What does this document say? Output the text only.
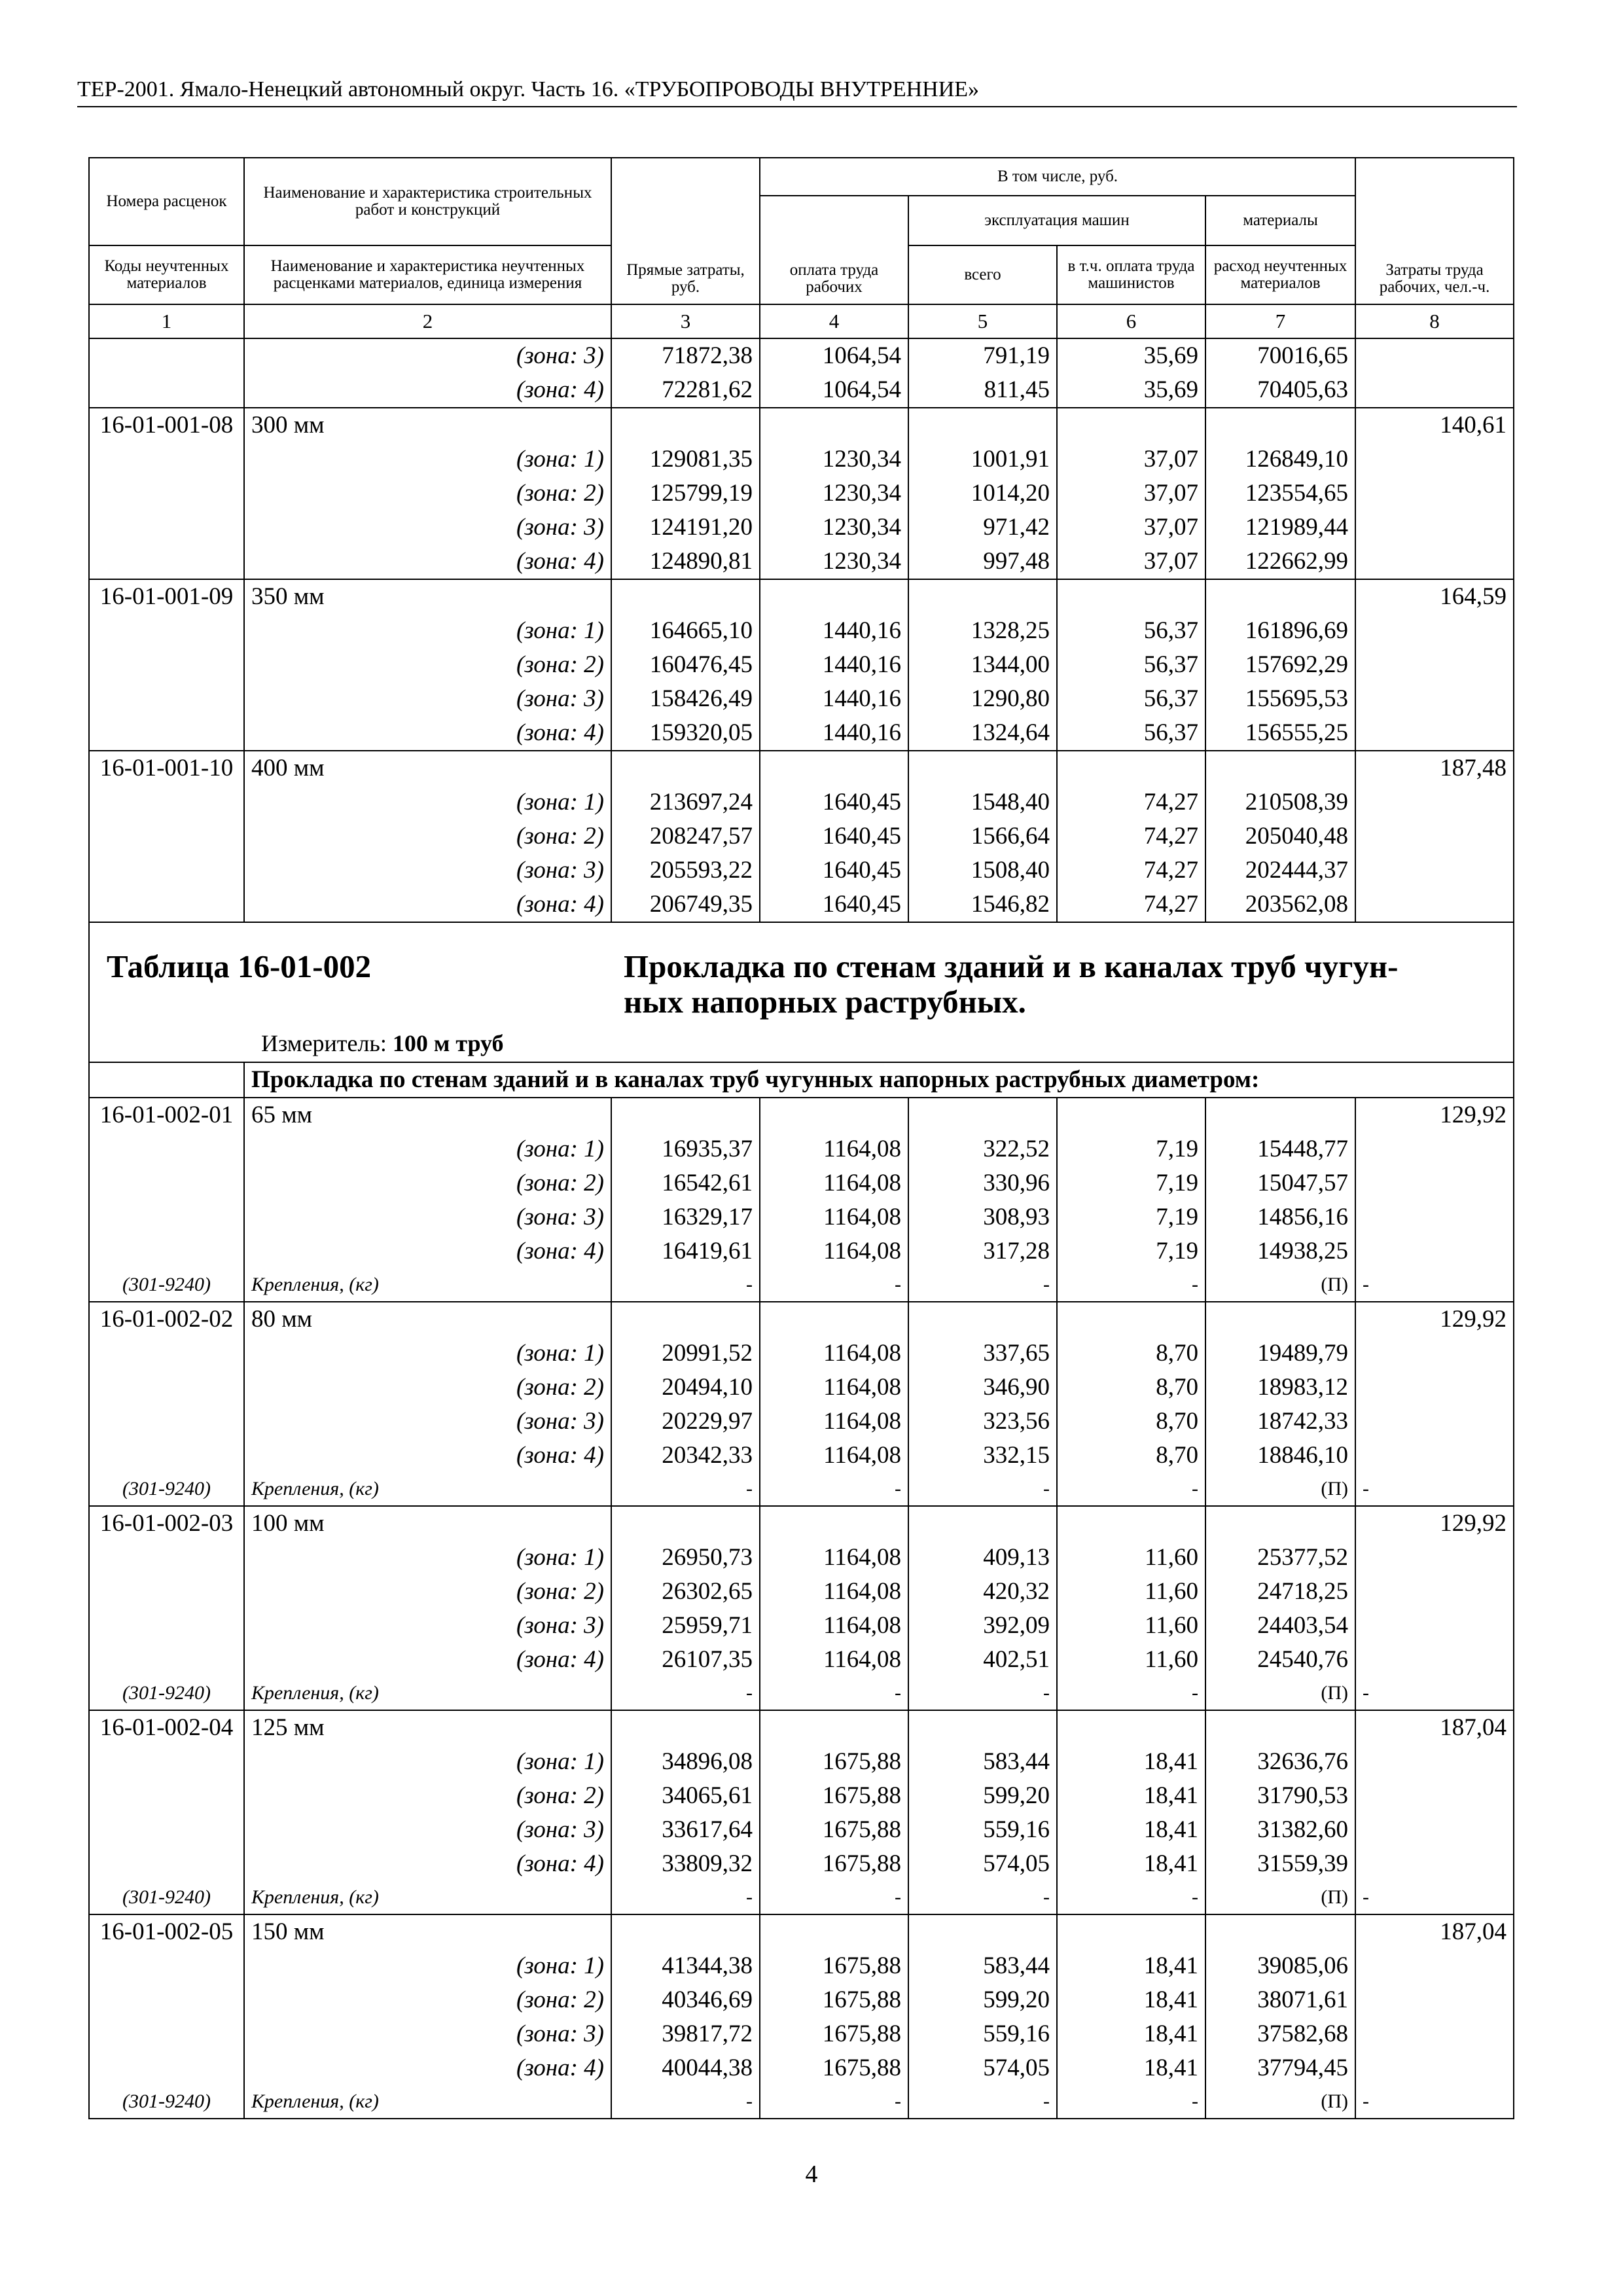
ТЕР-2001. Ямало-Ненецкий автономный округ. Часть 16. «ТРУБОПРОВОДЫ ВНУТРЕННИЕ»
Номера расценок	Наименование и характеристика строительных работ и конструкций	Прямые затраты, руб.	В том числе, руб.				Затраты труда рабочих, чел.-ч.
			оплата труда рабочих	эксплуатация машин		материалы	
Коды неучтенных материалов	Наименование и характеристика неучтенных расценками материалов, единица измерения			всего	в т.ч. оплата труда машинистов	расход неучтенных материалов	

1	2	3	4	5	6	7	8
	(зона: 3)	71872,38	1064,54	791,19	35,69	70016,65	
	(зона: 4)	72281,62	1064,54	811,45	35,69	70405,63	
16-01-001-08	300 мм						140,61
	(зона: 1)	129081,35	1230,34	1001,91	37,07	126849,10	
	(зона: 2)	125799,19	1230,34	1014,20	37,07	123554,65	
	(зона: 3)	124191,20	1230,34	971,42	37,07	121989,44	
	(зона: 4)	124890,81	1230,34	997,48	37,07	122662,99	
16-01-001-09	350 мм						164,59
	(зона: 1)	164665,10	1440,16	1328,25	56,37	161896,69	
	(зона: 2)	160476,45	1440,16	1344,00	56,37	157692,29	
	(зона: 3)	158426,49	1440,16	1290,80	56,37	155695,53	
	(зона: 4)	159320,05	1440,16	1324,64	56,37	156555,25	
16-01-001-10	400 мм						187,48
	(зона: 1)	213697,24	1640,45	1548,40	74,27	210508,39	
	(зона: 2)	208247,57	1640,45	1566,64	74,27	205040,48	
	(зона: 3)	205593,22	1640,45	1508,40	74,27	202444,37	
	(зона: 4)	206749,35	1640,45	1546,82	74,27	203562,08	

Таблица 16-01-002 Прокладка по стенам зданий и в каналах труб чугун-ных напорных раструбных.
Измеритель: 100 м труб							

	Прокладка по стенам зданий и в каналах труб чугунных напорных раструбных диаметром:						
16-01-002-01	65 мм						129,92
	(зона: 1)	16935,37	1164,08	322,52	7,19	15448,77	
	(зона: 2)	16542,61	1164,08	330,96	7,19	15047,57	
	(зона: 3)	16329,17	1164,08	308,93	7,19	14856,16	
	(зона: 4)	16419,61	1164,08	317,28	7,19	14938,25	
(301-9240)	Крепления, (кг)	-	-	-	-	(П)	-
16-01-002-02	80 мм						129,92
	(зона: 1)	20991,52	1164,08	337,65	8,70	19489,79	
	(зона: 2)	20494,10	1164,08	346,90	8,70	18983,12	
	(зона: 3)	20229,97	1164,08	323,56	8,70	18742,33	
	(зона: 4)	20342,33	1164,08	332,15	8,70	18846,10	
(301-9240)	Крепления, (кг)	-	-	-	-	(П)	-
16-01-002-03	100 мм						129,92
	(зона: 1)	26950,73	1164,08	409,13	11,60	25377,52	
	(зона: 2)	26302,65	1164,08	420,32	11,60	24718,25	
	(зона: 3)	25959,71	1164,08	392,09	11,60	24403,54	
	(зона: 4)	26107,35	1164,08	402,51	11,60	24540,76	
(301-9240)	Крепления, (кг)	-	-	-	-	(П)	-
16-01-002-04	125 мм						187,04
	(зона: 1)	34896,08	1675,88	583,44	18,41	32636,76	
	(зона: 2)	34065,61	1675,88	599,20	18,41	31790,53	
	(зона: 3)	33617,64	1675,88	559,16	18,41	31382,60	
	(зона: 4)	33809,32	1675,88	574,05	18,41	31559,39	
(301-9240)	Крепления, (кг)	-	-	-	-	(П)	-
16-01-002-05	150 мм						187,04
	(зона: 1)	41344,38	1675,88	583,44	18,41	39085,06	
	(зона: 2)	40346,69	1675,88	599,20	18,41	38071,61	
	(зона: 3)	39817,72	1675,88	559,16	18,41	37582,68	
	(зона: 4)	40044,38	1675,88	574,05	18,41	37794,45	
(301-9240)	Крепления, (кг)	-	-	-	-	(П)	-
4
